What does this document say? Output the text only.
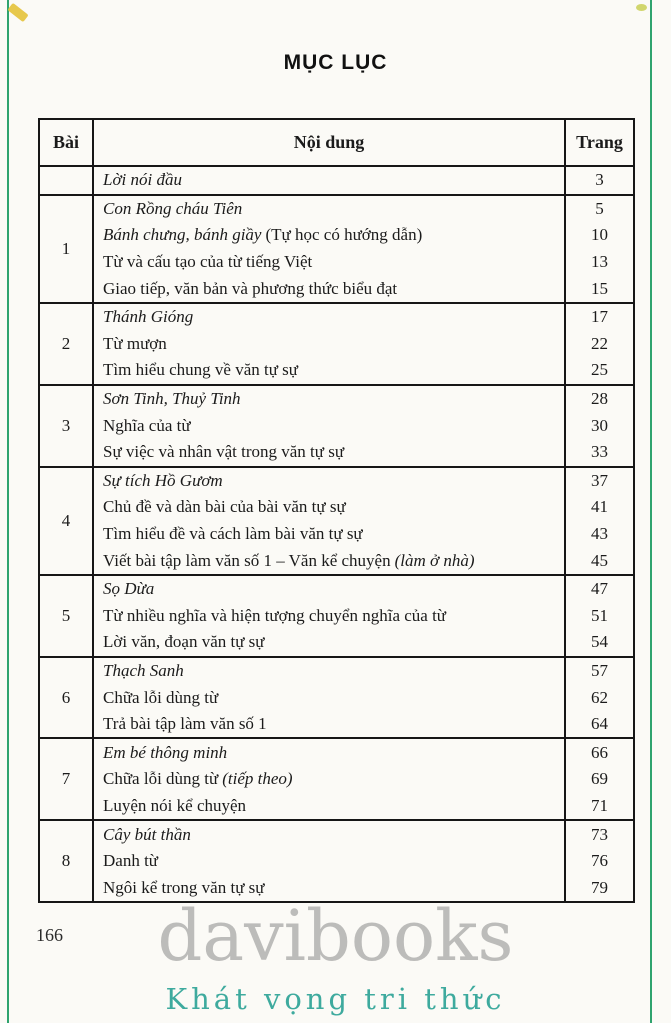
MỤC LỤC
Bài	Nội dung	Trang
Lời nói đầu	3
1
Con Rồng cháu Tiên	5
Bánh chưng, bánh giầy (Tự học có hướng dẫn)	10
Từ và cấu tạo của từ tiếng Việt	13
Giao tiếp, văn bản và phương thức biểu đạt	15
2
Thánh Gióng	17
Từ mượn	22
Tìm hiểu chung về văn tự sự	25
3
Sơn Tinh, Thuỷ Tinh	28
Nghĩa của từ	30
Sự việc và nhân vật trong văn tự sự	33
4
Sự tích Hồ Gươm	37
Chủ đề và dàn bài của bài văn tự sự	41
Tìm hiểu đề và cách làm bài văn tự sự	43
Viết bài tập làm văn số 1 – Văn kể chuyện (làm ở nhà)	45
5
Sọ Dừa	47
Từ nhiều nghĩa và hiện tượng chuyển nghĩa của từ	51
Lời văn, đoạn văn tự sự	54
6
Thạch Sanh	57
Chữa lỗi dùng từ	62
Trả bài tập làm văn số 1	64
7
Em bé thông minh	66
Chữa lỗi dùng từ (tiếp theo)	69
Luyện nói kể chuyện	71
8
Cây bút thần	73
Danh từ	76
Ngôi kể trong văn tự sự	79
166	davibooks
Khát vọng tri thức
